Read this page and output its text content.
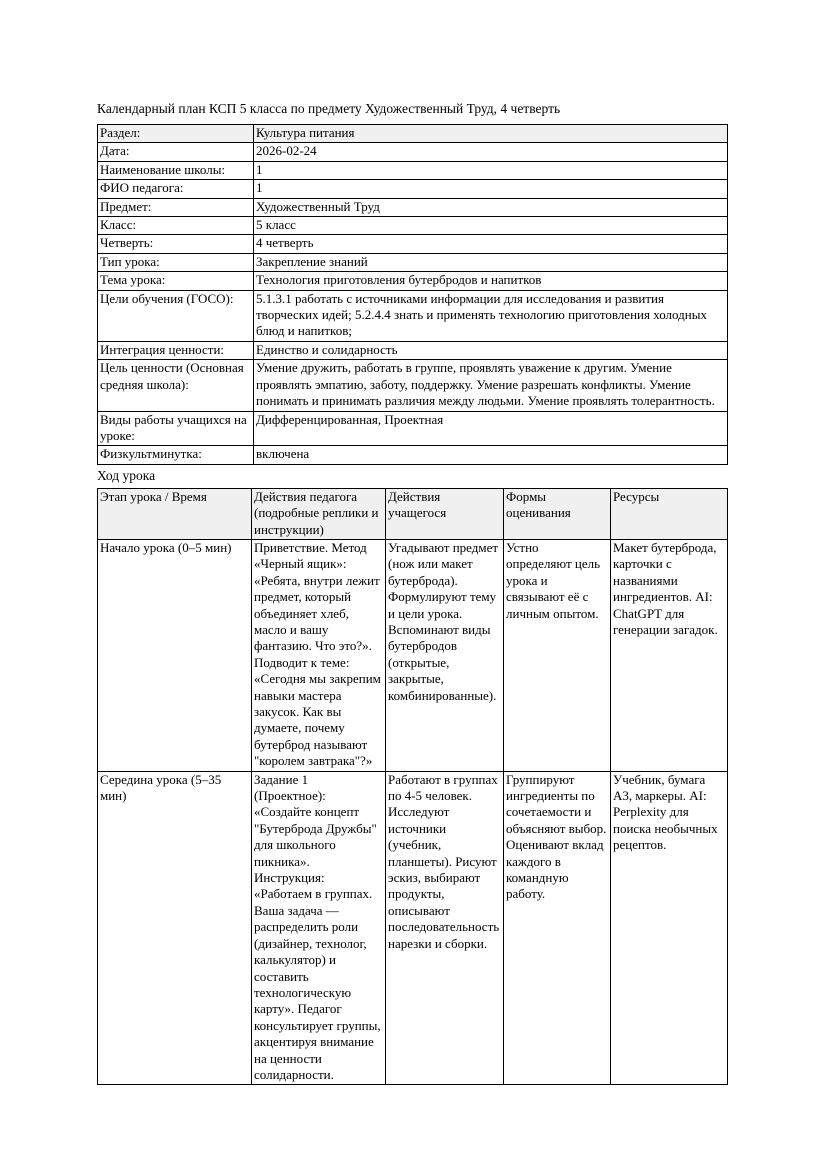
Календарный план КСП 5 класса по предмету Художественный Труд, 4 четверть
Раздел:	Культура питания
Дата:	2026-02-24
Наименование школы:	1
ФИО педагога:	1
Предмет:	Художественный Труд
Класс:	5 класс
Четверть:	4 четверть
Тип урока:	Закрепление знаний
Тема урока:	Технология приготовления бутербродов и напитков
Цели обучения (ГОСО):	5.1.3.1 работать с источниками информации для исследования и развития творческих идей; 5.2.4.4 знать и применять технологию приготовления холодных блюд и напитков;
Интеграция ценности:	Единство и солидарность
Цель ценности (Основная средняя школа):	Умение дружить, работать в группе, проявлять уважение к другим. Умение проявлять эмпатию, заботу, поддержку. Умение разрешать конфликты. Умение понимать и принимать различия между людьми. Умение проявлять толерантность.
Виды работы учащихся на уроке:	Дифференцированная, Проектная
Физкультминутка:	включена
Ход урока
Этап урока / Время	Действия педагога (подробные реплики и инструкции)	Действия учащегося	Формы оценивания	Ресурсы
Начало урока (0–5 мин)	Приветствие. Метод «Черный ящик»: «Ребята, внутри лежит предмет, который объединяет хлеб, масло и вашу фантазию. Что это?». Подводит к теме: «Сегодня мы закрепим навыки мастера закусок. Как вы думаете, почему бутерброд называют "королем завтрака"?»	Угадывают предмет (нож или макет бутерброда). Формулируют тему и цели урока. Вспоминают виды бутербродов (открытые, закрытые, комбинированные).	Устно определяют цель урока и связывают её с личным опытом.	Макет бутерброда, карточки с названиями ингредиентов. AI: ChatGPT для генерации загадок.
Середина урока (5–35 мин)	Задание 1 (Проектное): «Создайте концепт "Бутерброда Дружбы" для школьного пикника». Инструкция: «Работаем в группах. Ваша задача — распределить роли (дизайнер, технолог, калькулятор) и составить технологическую карту». Педагог консультирует группы, акцентируя внимание на ценности солидарности.	Работают в группах по 4-5 человек. Исследуют источники (учебник, планшеты). Рисуют эскиз, выбирают продукты, описывают последовательность нарезки и сборки.	Группируют ингредиенты по сочетаемости и объясняют выбор. Оценивают вклад каждого в командную работу.	Учебник, бумага А3, маркеры. AI: Perplexity для поиска необычных рецептов.
